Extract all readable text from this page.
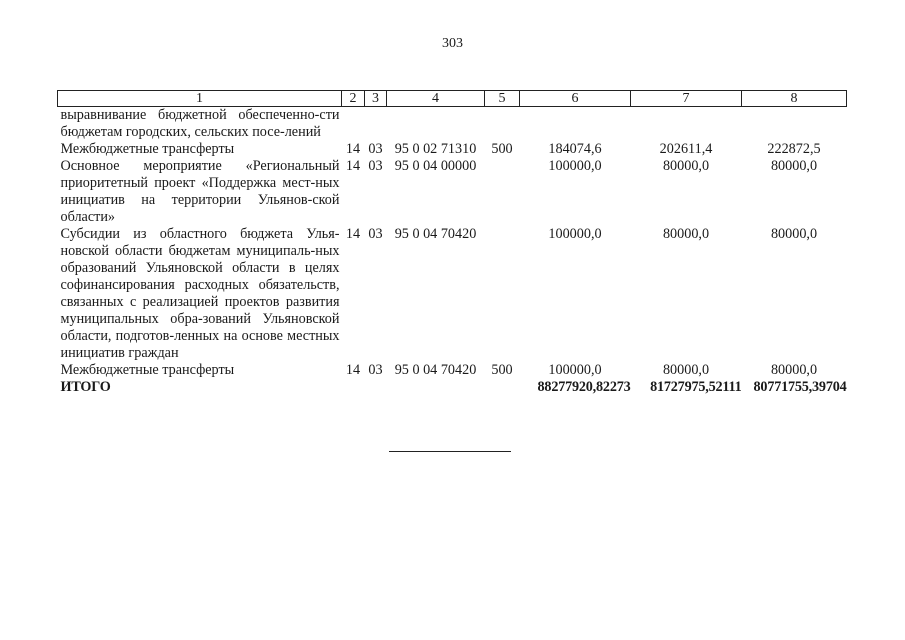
303
1	2	3	4	5	6	7	8
выравнивание бюджетной обеспеченно-сти бюджетам городских, сельских посе-лений							
Межбюджетные трансферты	14	03	95 0 02 71310	500	184074,6	202611,4	222872,5
Основное мероприятие «Региональный приоритетный проект «Поддержка мест-ных инициатив на территории Ульянов-ской области»	14	03	95 0 04 00000		100000,0	80000,0	80000,0
Субсидии из областного бюджета Улья-новской области бюджетам муниципаль-ных образований Ульяновской области в целях софинансирования расходных обязательств, связанных с реализацией проектов развития муниципальных обра-зований Ульяновской области, подготов-ленных на основе местных инициатив граждан	14	03	95 0 04 70420		100000,0	80000,0	80000,0
Межбюджетные трансферты	14	03	95 0 04 70420	500	100000,0	80000,0	80000,0
ИТОГО					88277920,82273	81727975,52111	80771755,39704
